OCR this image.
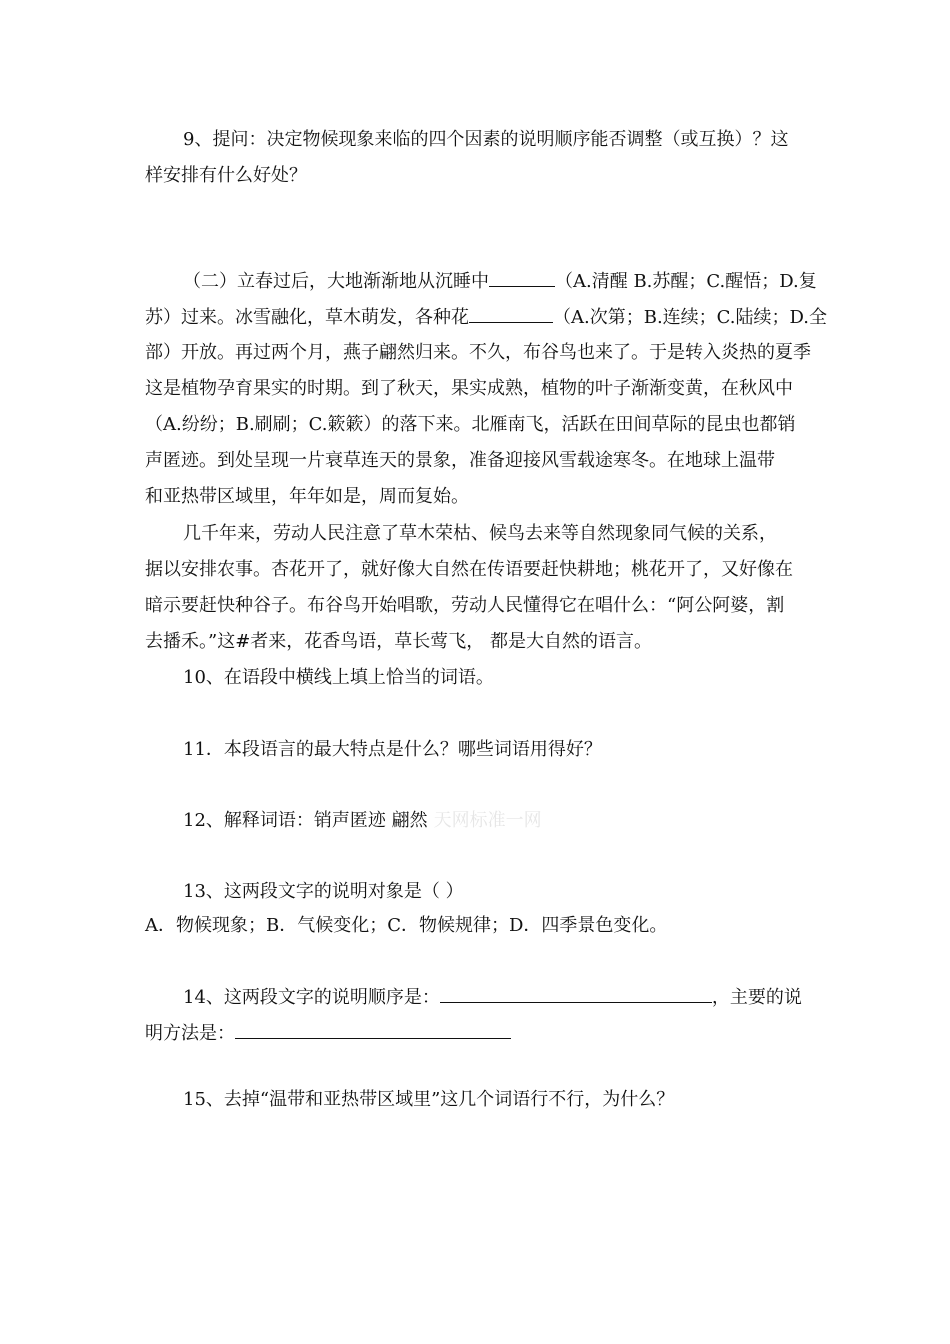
9、提问：决定物候现象来临的四个因素的说明顺序能否调整（或互换）？这
样安排有什么好处？
（二）立春过后，大地渐渐地从沉睡中	（A.清醒 B.苏醒；C.醒悟；D.复
苏）过来。冰雪融化，草木萌发，各种花	（A.次第；B.连续；C.陆续；D.全
部）开放。再过两个月，燕子翩然归来。不久，布谷鸟也来了。于是转入炎热的夏季
这是植物孕育果实的时期。到了秋天，果实成熟，植物的叶子渐渐变黄，在秋风中
（A.纷纷；B.刷刷；C.簌簌）的落下来。北雁南飞，活跃在田间草际的昆虫也都销
声匿迹。到处呈现一片衰草连天的景象，准备迎接风雪载途寒冬。在地球上温带
和亚热带区域里，年年如是，周而复始。
几千年来，劳动人民注意了草木荣枯、候鸟去来等自然现象同气候的关系，
据以安排农事。杏花开了，就好像大自然在传语要赶快耕地；桃花开了，又好像在
暗示要赶快种谷子。布谷鸟开始唱歌，劳动人民懂得它在唱什么：“阿公阿婆，割
去播禾。”这#者来，花香鸟语，草长莺飞， 都是大自然的语言。
10、在语段中横线上填上恰当的词语。
11．本段语言的最大特点是什么？哪些词语用得好？
12、解释词语：销声匿迹 翩然 天网标准一网
13、这两段文字的说明对象是（ ）
A．物候现象；B．气候变化；C．物候规律；D．四季景色变化。
14、这两段文字的说明顺序是：	，主要的说
明方法是：
15、去掉“温带和亚热带区域里”这几个词语行不行，为什么？
